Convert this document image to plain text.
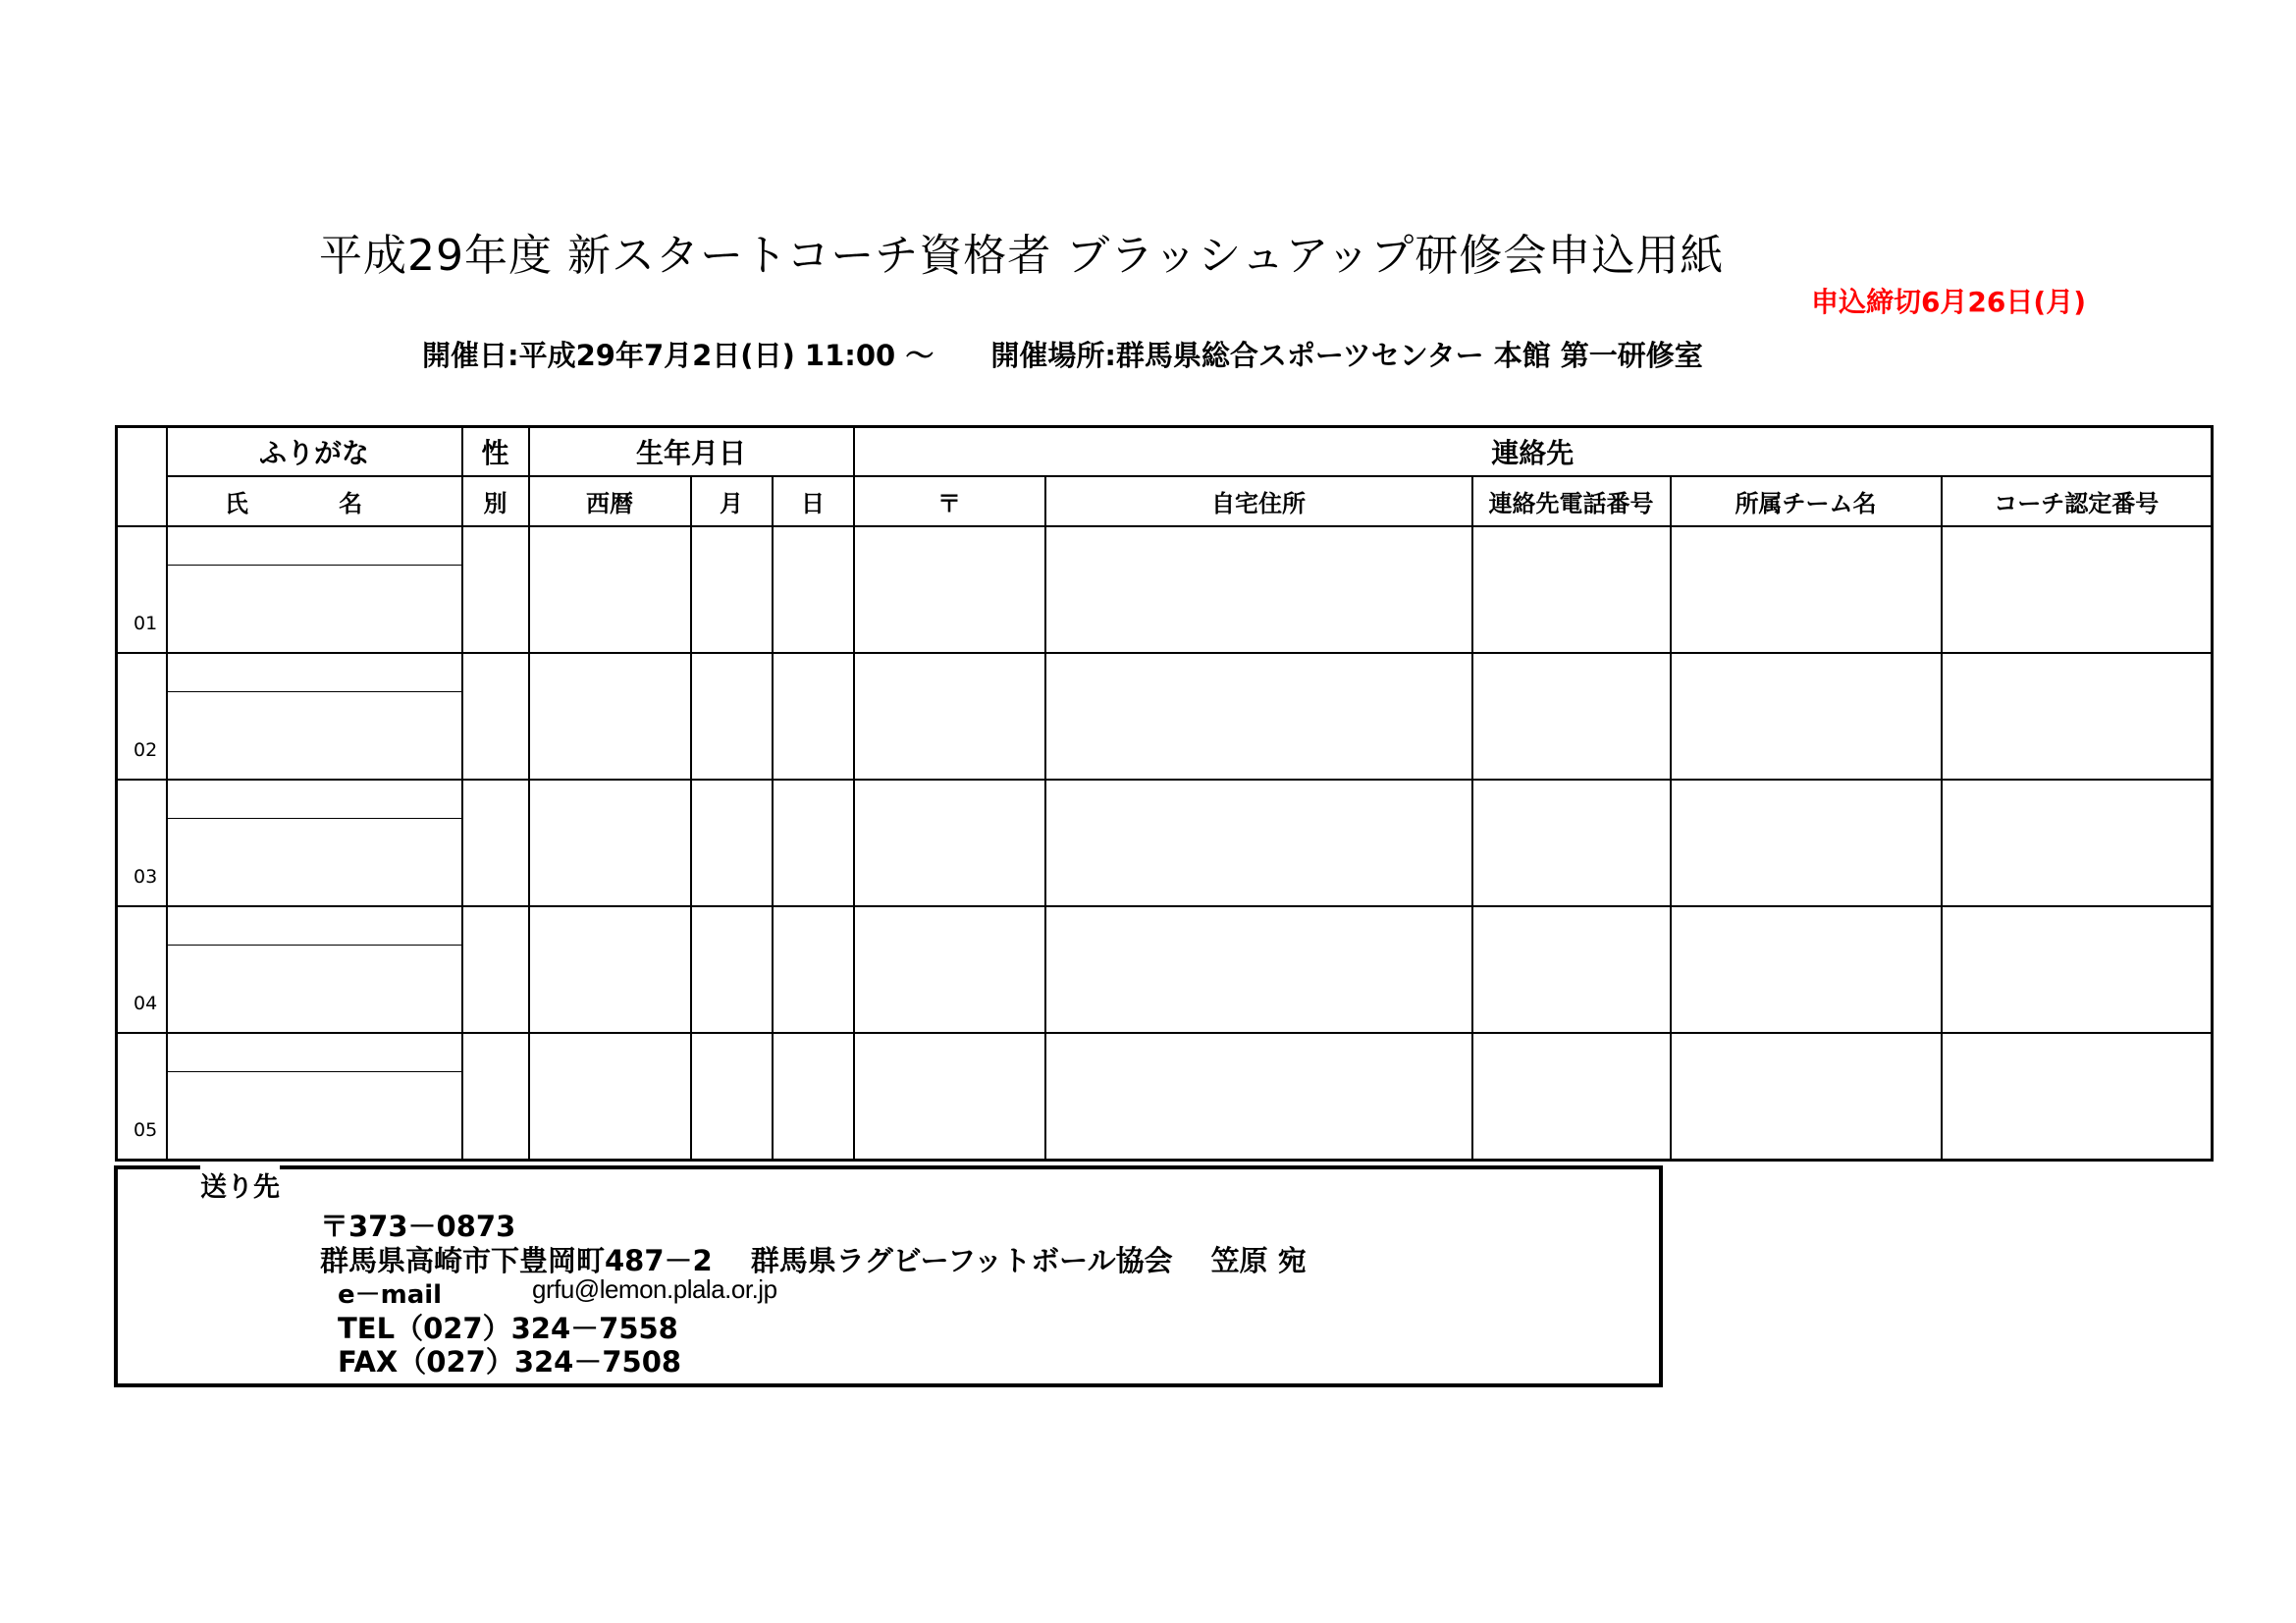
平成29年度 新スタートコーチ資格者 ブラッシュアップ研修会申込用紙
申込締切6月26日(月)
開催日:平成29年7月2日(日) 11:00 ～ 開催場所:群馬県総合スポーツセンター 本館 第一研修室
	ふりがな	性	生年月日			連絡先				
	氏 名	別	西暦	月	日	〒	自宅住所	連絡先電話番号	所属チーム名	コーチ認定番号
01	

02	

03	

04	

05	

送り先
〒373－0873
群馬県高崎市下豊岡町487－2　 群馬県ラグビーフットボール協会　 笠原 宛
e－mail	grfu@lemon.plala.or.jp
TEL（027）324－7558
FAX（027）324－7508
